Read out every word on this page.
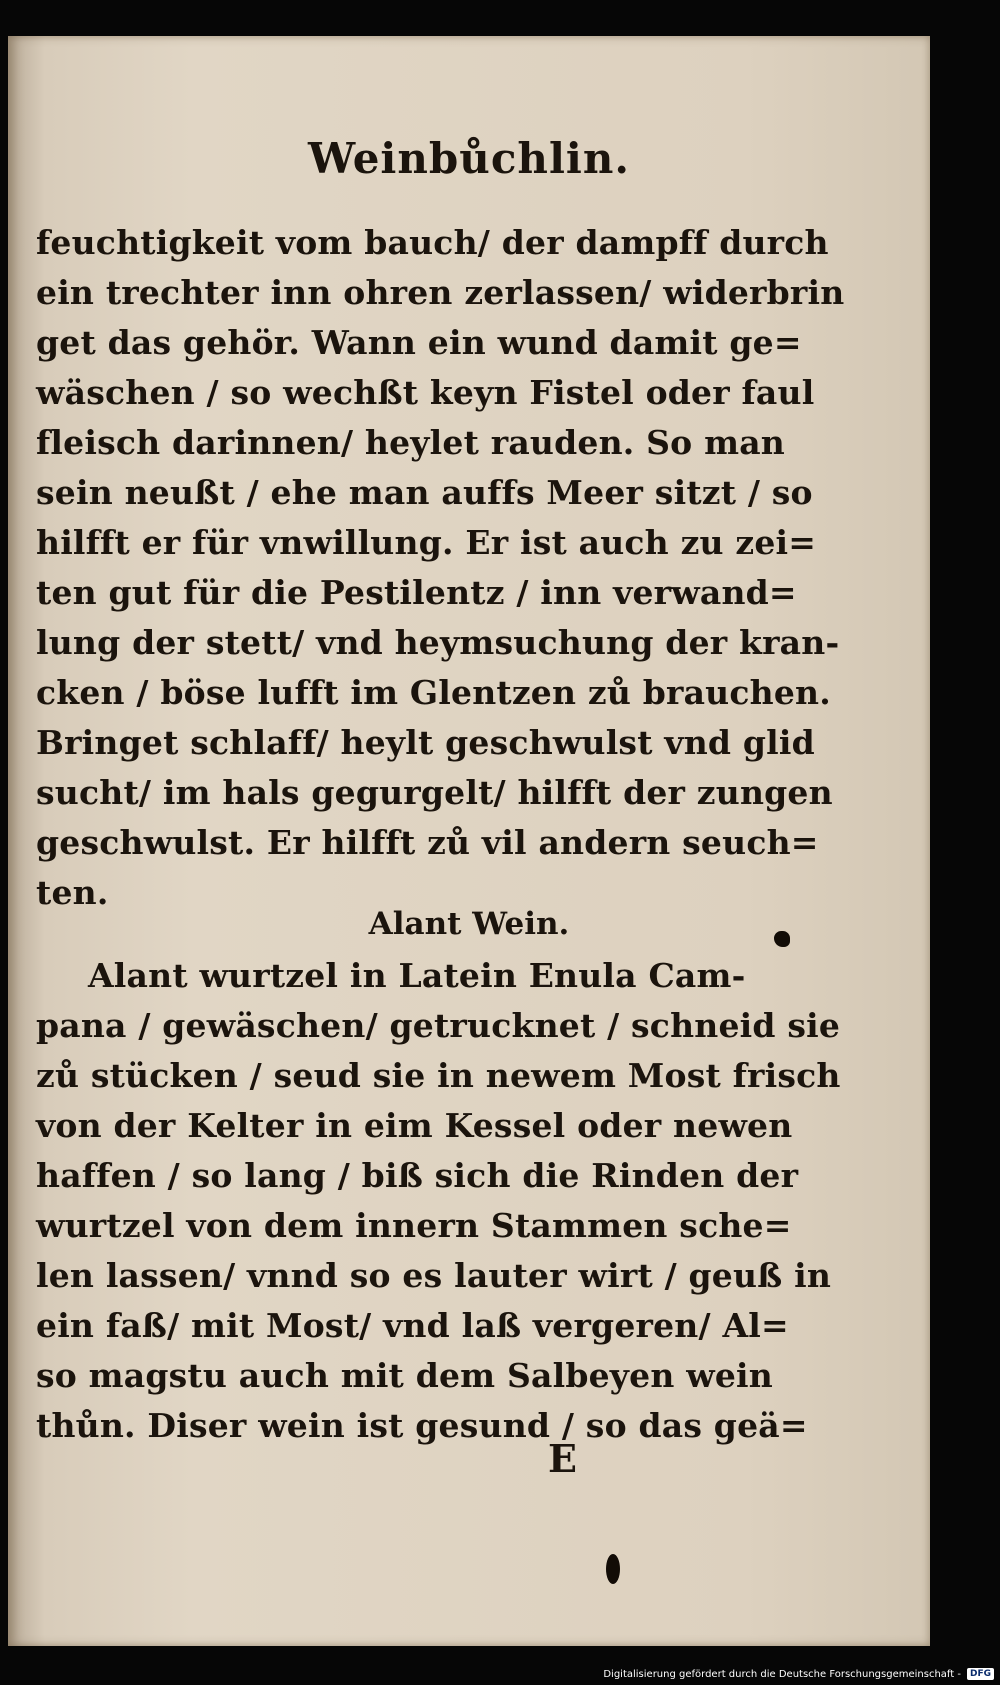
Weinbůchlin.
feuchtigkeit vom bauch/ der dampff durch
ein trechter inn ohren zerlassen/ widerbrin
get das gehör. Wann ein wund damit ge=
wäschen / so wechßt keyn Fistel oder faul
fleisch darinnen/ heylet rauden. So man
sein neußt / ehe man auffs Meer sitzt / so
hilfft er für vnwillung. Er ist auch zu zei=
ten gut für die Pestilentz / inn verwand=
lung der stett/ vnd heymsuchung der kran-
cken / böse lufft im Glentzen zů brauchen.
Bringet schlaff/ heylt geschwulst vnd glid
sucht/ im hals gegurgelt/ hilfft der zungen
geschwulst. Er hilfft zů vil andern seuch=
ten.
Alant Wein.
Alant wurtzel in Latein Enula Cam-
pana / gewäschen/ getrucknet / schneid sie
zů stücken / seud sie in newem Most frisch
von der Kelter in eim Kessel oder newen
haffen / so lang / biß sich die Rinden der
wurtzel von dem innern Stammen sche=
len lassen/ vnnd so es lauter wirt / geuß in
ein faß/ mit Most/ vnd laß vergeren/ Al=
so magstu auch mit dem Salbeyen wein
thůn. Diser wein ist gesund / so das geä=
E
Digitalisierung gefördert durch die Deutsche Forschungsgemeinschaft -	DFG
